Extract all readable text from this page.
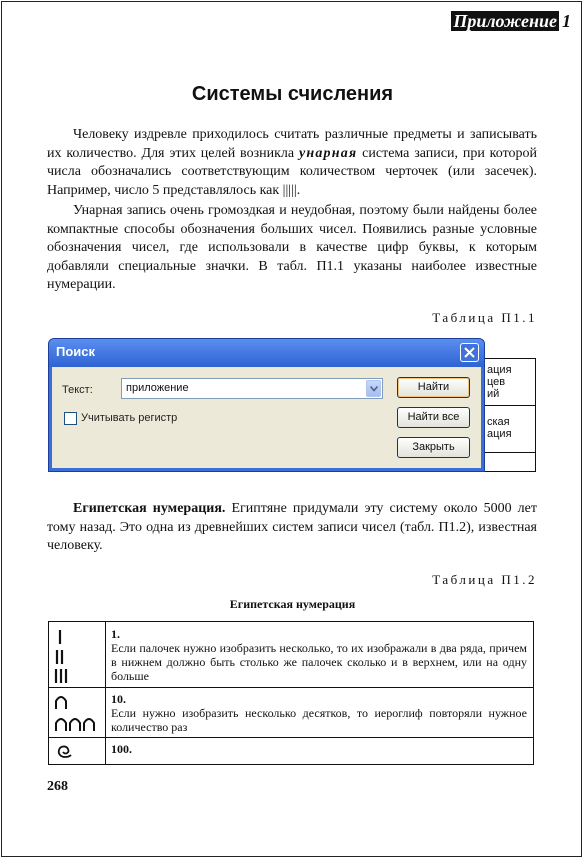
Приложение 1
Системы счисления

Человеку издревле приходилось считать различные предметы и записывать их количество. Для этих целей возникла унарная система записи, при которой числа обозначались соответствующим количеством черточек (или засечек). Например, число 5 представлялось как |||||.

Унарная запись очень громоздкая и неудобная, поэтому были найдены более компактные способы обозначения больших чисел. Появились разные условные обозначения чисел, где использовали в качестве цифр буквы, к которым добавляли специальные значки. В табл. П1.1 указаны наиболее известные нумерации.

Таблица П1.1
ация
цев
ий
ская
ация
Поиск
Текст:	приложение
Учитывать регистр
Найти
Найти все
Закрыть

Египетская нумерация. Египтяне придумали эту систему около 5000 лет тому назад. Это одна из древнейших систем записи чисел (табл. П1.2), известная человеку.

Таблица П1.2
Египетская нумерация
1.
Если палочек нужно изобразить несколько, то их изображали в два ряда, причем в нижнем должно быть столько же палочек сколько и в верхнем, или на одну больше
10.
Если нужно изобразить несколько десятков, то иероглиф повторяли нужное количество раз
100.
268
